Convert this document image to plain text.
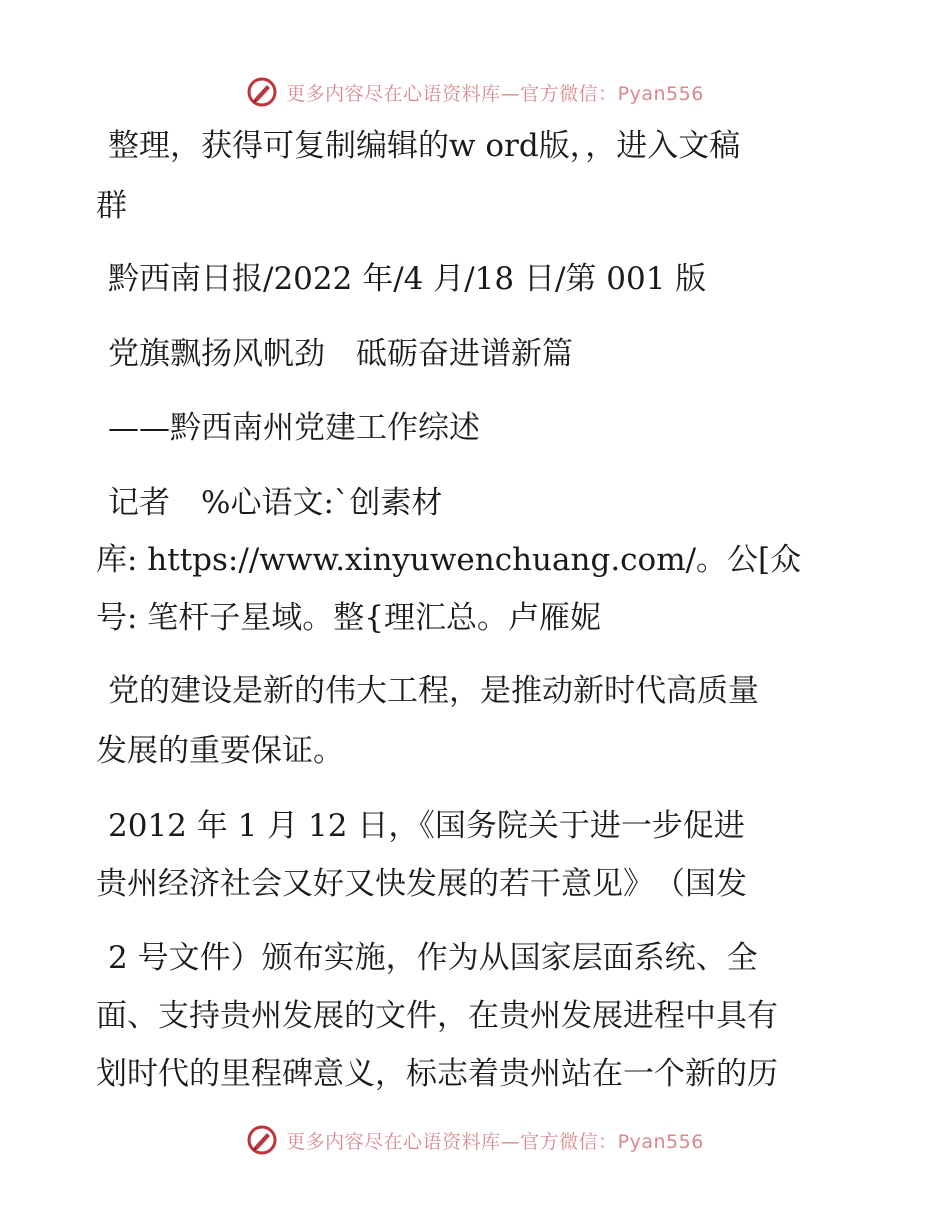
更多内容尽在心语资料库—官方微信：Pyan556
整理，获得可复制编辑的w ord版，，进入文稿
群
黔西南日报/2022 年/4 月/18 日/第 001 版
党旗飘扬风帆劲　砥砺奋进谱新篇
——黔西南州党建工作综述
记者　%心语文:`创素材
库: https://www.xinyuwenchuang.com/。公[众
号: 笔杆子星域。整{理汇总。卢雁妮
党的建设是新的伟大工程，是推动新时代高质量
发展的重要保证。
2012 年 1 月 12 日，《国务院关于进一步促进
贵州经济社会又好又快发展的若干意见》　（国发
2 号文件）颁布实施，作为从国家层面系统、全
面、支持贵州发展的文件，在贵州发展进程中具有
划时代的里程碑意义，标志着贵州站在一个新的历
更多内容尽在心语资料库—官方微信：Pyan556
